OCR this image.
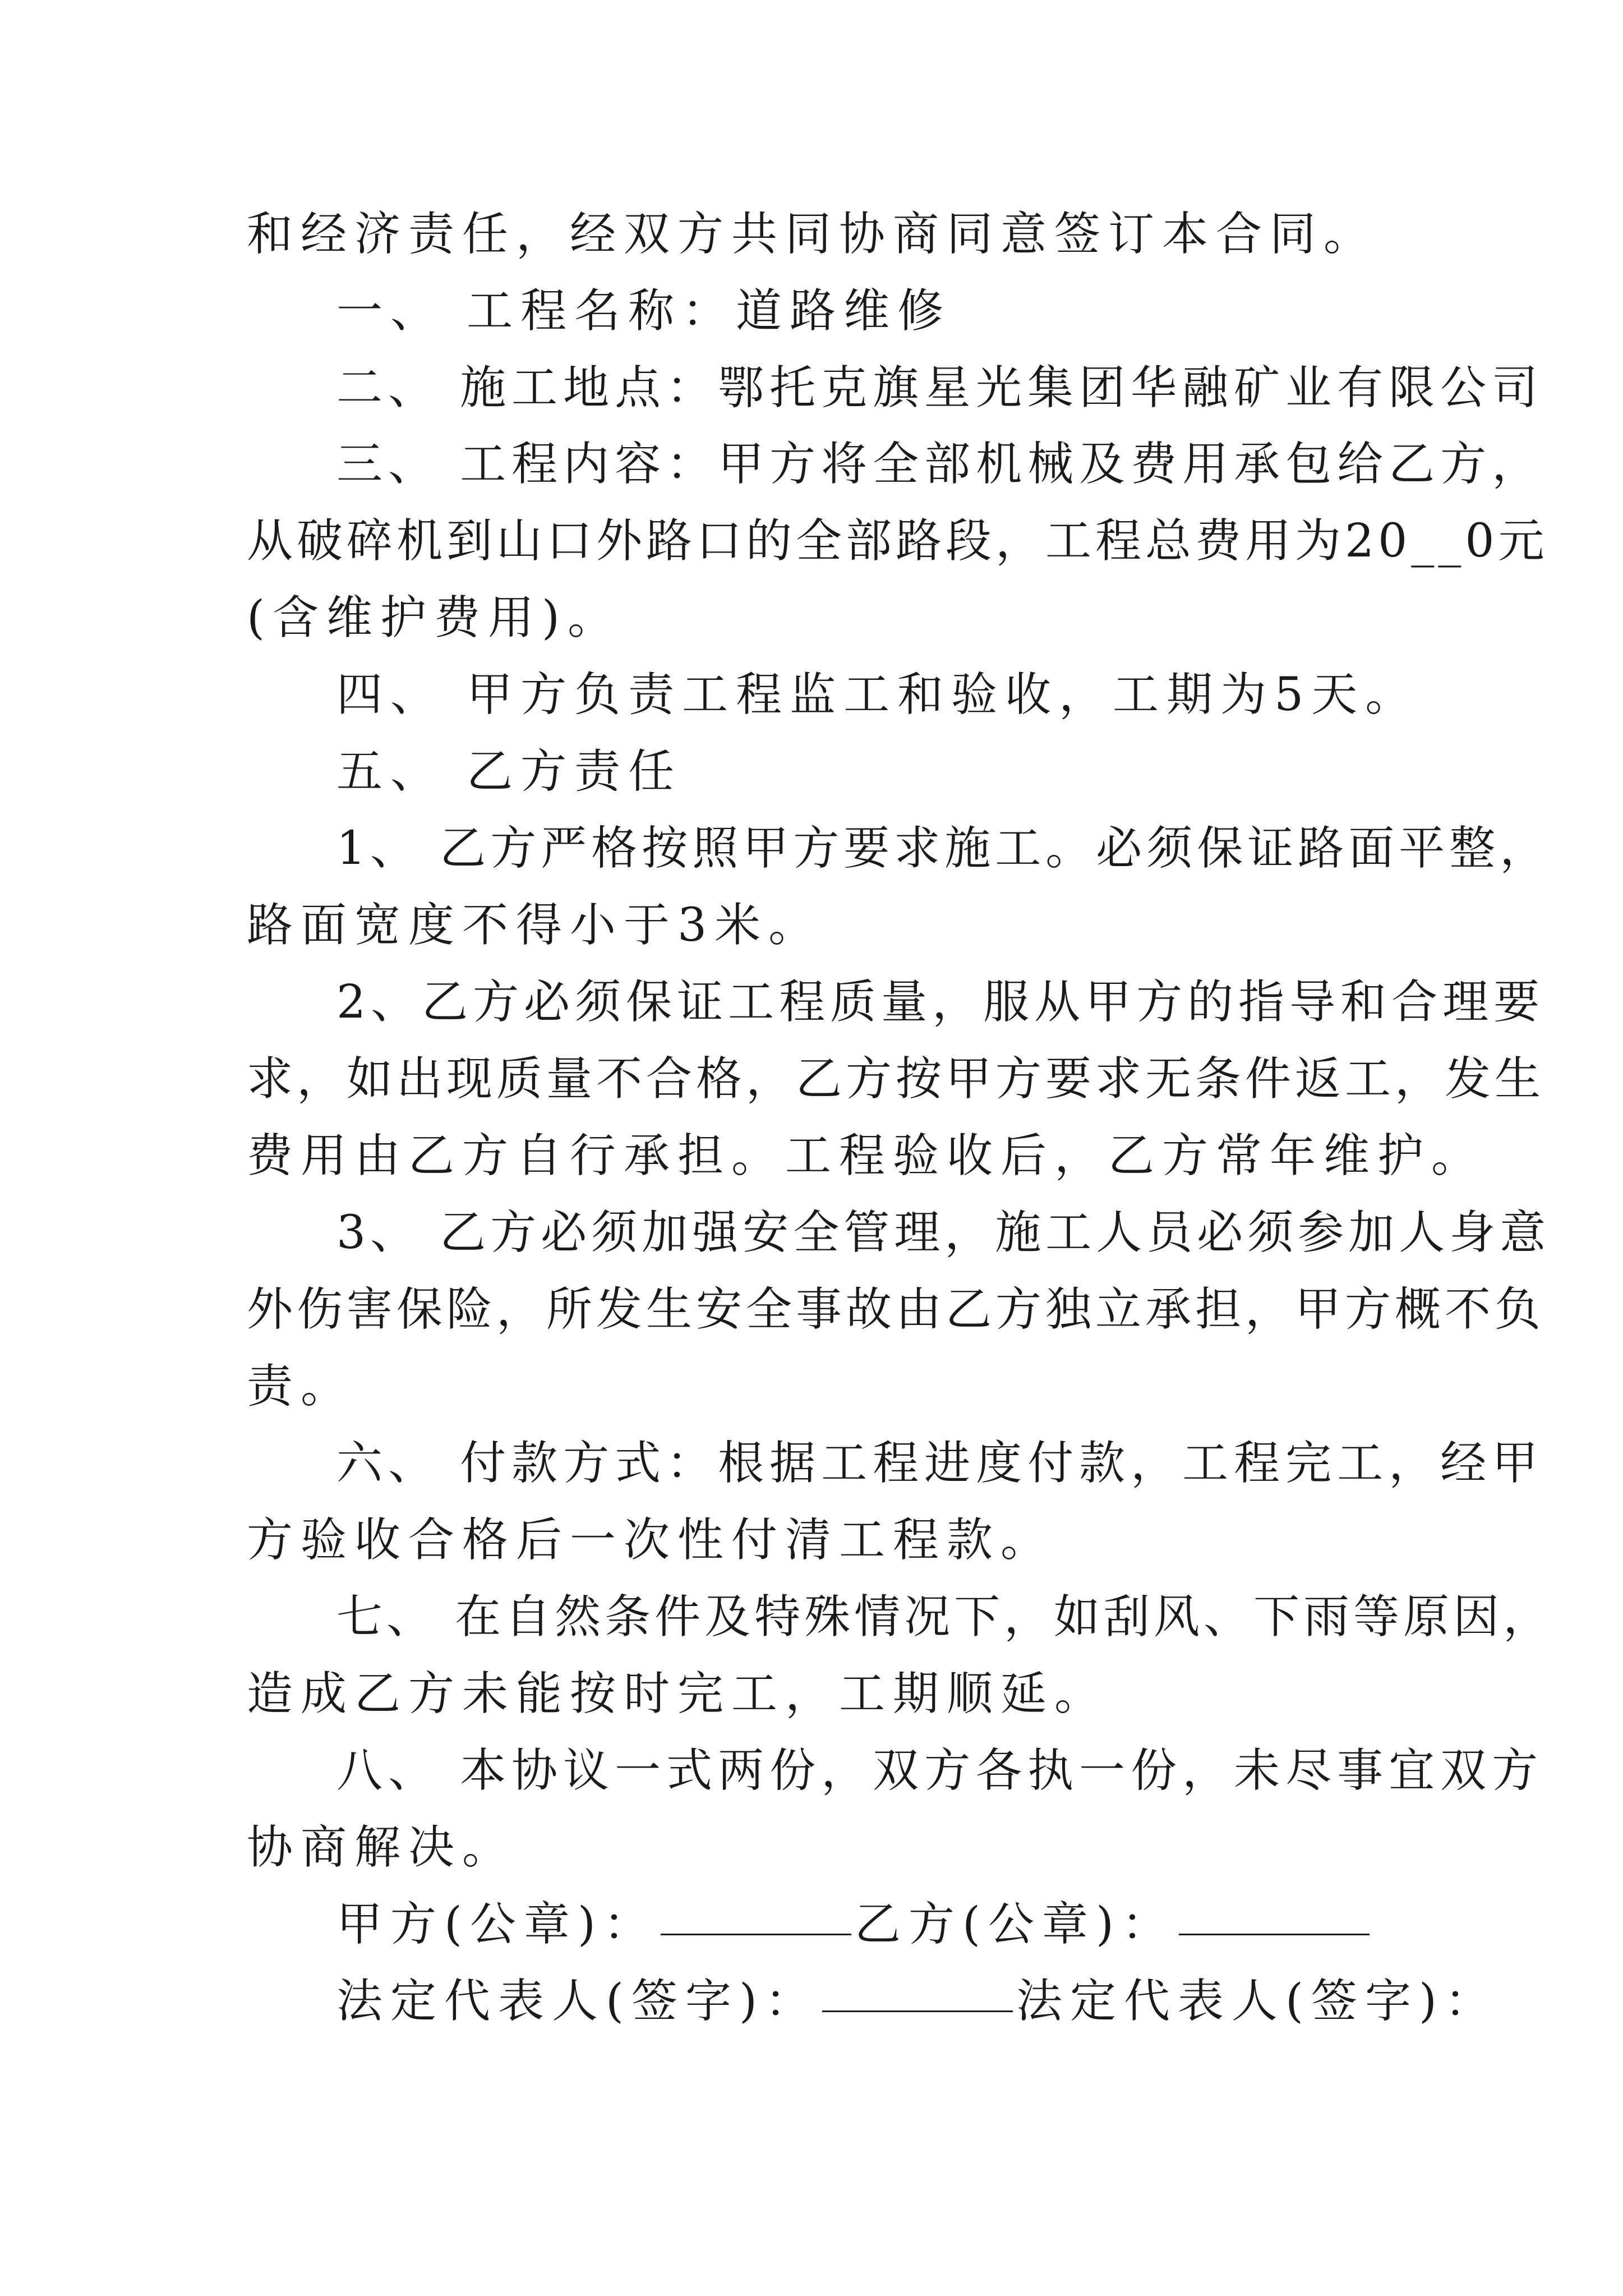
和经济责任，经双方共同协商同意签订本合同。
一、 工程名称：道路维修
二、 施工地点：鄂托克旗星光集团华融矿业有限公司
三、 工程内容：甲方将全部机械及费用承包给乙方，
从破碎机到山口外路口的全部路段，工程总费用为20__0元
(含维护费用)。
四、 甲方负责工程监工和验收，工期为5天。
五、 乙方责任
1、 乙方严格按照甲方要求施工。必须保证路面平整，
路面宽度不得小于3米。
2、乙方必须保证工程质量，服从甲方的指导和合理要
求，如出现质量不合格，乙方按甲方要求无条件返工，发生
费用由乙方自行承担。工程验收后，乙方常年维护。
3、 乙方必须加强安全管理，施工人员必须参加人身意
外伤害保险，所发生安全事故由乙方独立承担，甲方概不负
责。
六、 付款方式：根据工程进度付款，工程完工，经甲
方验收合格后一次性付清工程款。
七、 在自然条件及特殊情况下，如刮风、下雨等原因，
造成乙方未能按时完工，工期顺延。
八、 本协议一式两份，双方各执一份，未尽事宜双方
协商解决。
甲方(公章)：	乙方(公章)：
法定代表人(签字)：	法定代表人(签字)：
